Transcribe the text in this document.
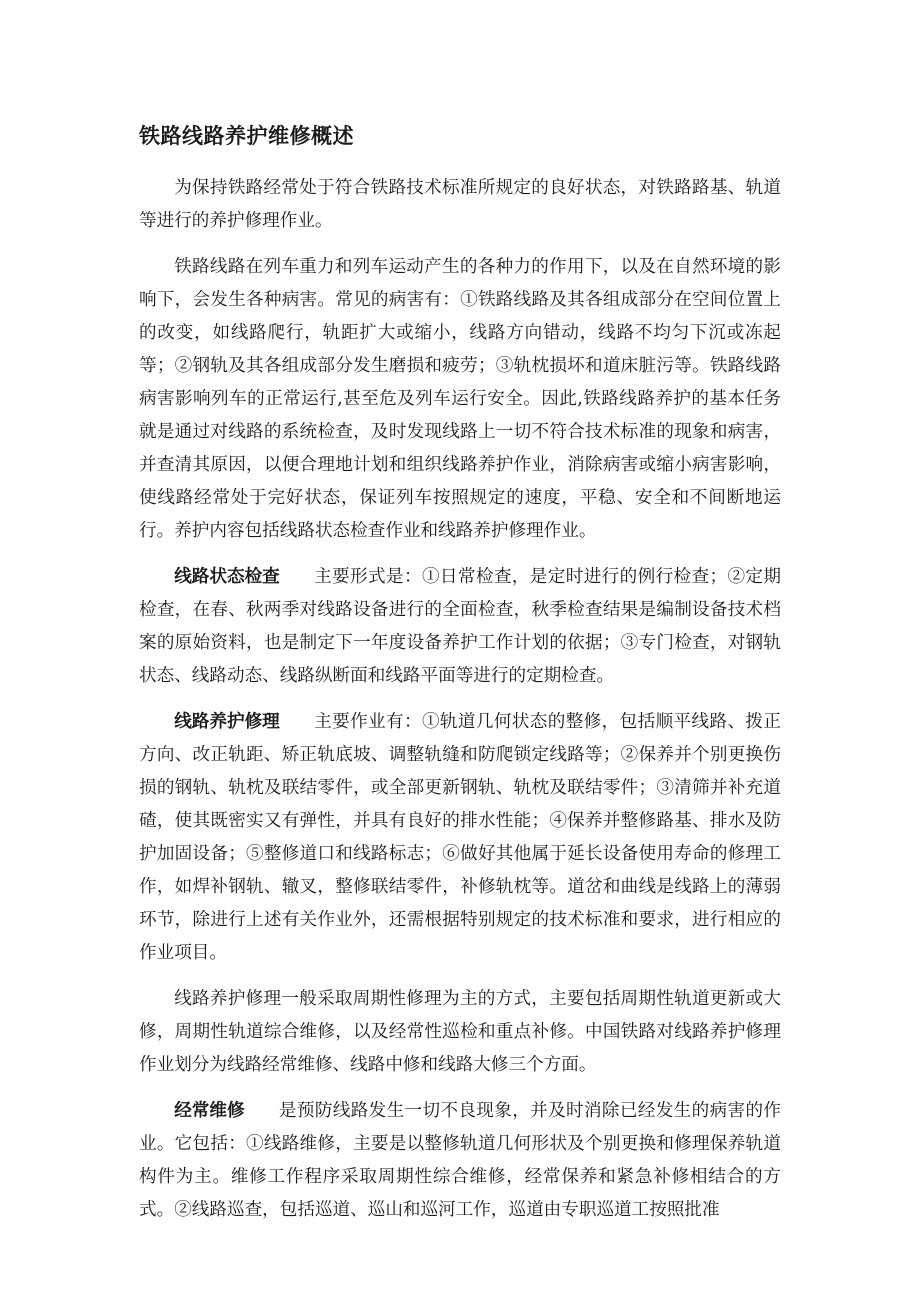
铁路线路养护维修概述

为保持铁路经常处于符合铁路技术标准所规定的良好状态，对铁路路基、轨道等进行的养护修理作业。

铁路线路在列车重力和列车运动产生的各种力的作用下，以及在自然环境的影响下，会发生各种病害。常见的病害有：①铁路线路及其各组成部分在空间位置上的改变，如线路爬行，轨距扩大或缩小，线路方向错动，线路不均匀下沉或冻起等；②钢轨及其各组成部分发生磨损和疲劳；③轨枕损坏和道床脏污等。铁路线路病害影响列车的正常运行,甚至危及列车运行安全。因此,铁路线路养护的基本任务就是通过对线路的系统检查，及时发现线路上一切不符合技术标准的现象和病害，并查清其原因，以便合理地计划和组织线路养护作业，消除病害或缩小病害影响，使线路经常处于完好状态，保证列车按照规定的速度，平稳、安全和不间断地运行。养护内容包括线路状态检查作业和线路养护修理作业。

线路状态检查 主要形式是：①日常检查，是定时进行的例行检查；②定期检查，在春、秋两季对线路设备进行的全面检查，秋季检查结果是编制设备技术档案的原始资料，也是制定下一年度设备养护工作计划的依据；③专门检查，对钢轨状态、线路动态、线路纵断面和线路平面等进行的定期检查。

线路养护修理 主要作业有：①轨道几何状态的整修，包括顺平线路、拨正方向、改正轨距、矫正轨底坡、调整轨缝和防爬锁定线路等；②保养并个别更换伤损的钢轨、轨枕及联结零件，或全部更新钢轨、轨枕及联结零件；③清筛并补充道碴，使其既密实又有弹性，并具有良好的排水性能；④保养并整修路基、排水及防护加固设备；⑤整修道口和线路标志；⑥做好其他属于延长设备使用寿命的修理工作，如焊补钢轨、辙叉，整修联结零件，补修轨枕等。道岔和曲线是线路上的薄弱环节，除进行上述有关作业外，还需根据特别规定的技术标准和要求，进行相应的作业项目。

线路养护修理一般采取周期性修理为主的方式，主要包括周期性轨道更新或大修，周期性轨道综合维修，以及经常性巡检和重点补修。中国铁路对线路养护修理作业划分为线路经常维修、线路中修和线路大修三个方面。

经常维修 是预防线路发生一切不良现象，并及时消除已经发生的病害的作业。它包括：①线路维修，主要是以整修轨道几何形状及个别更换和修理保养轨道构件为主。维修工作程序采取周期性综合维修，经常保养和紧急补修相结合的方式。②线路巡查，包括巡道、巡山和巡河工作，巡道由专职巡道工按照批准
